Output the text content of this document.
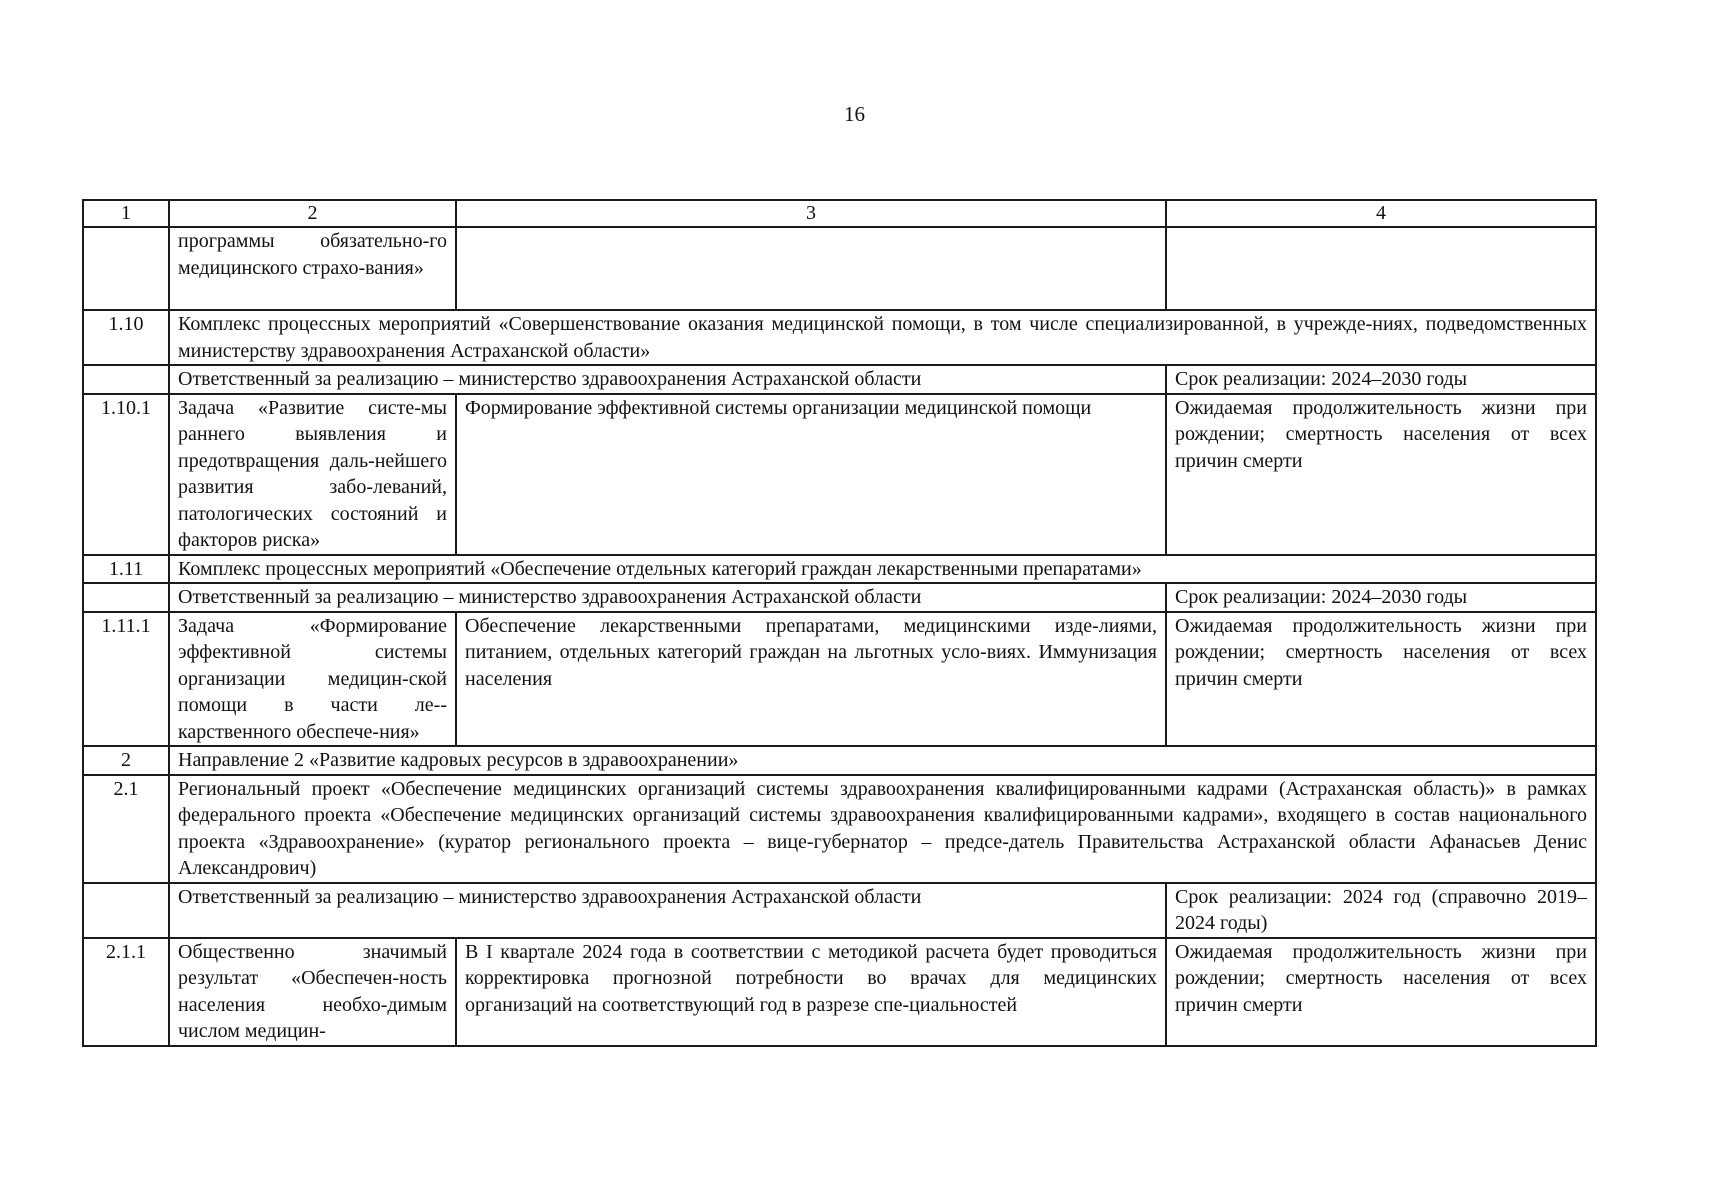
16
1	2	3	4
	программы обязательно-го медицинского страхо-вания»		
1.10	Комплекс процессных мероприятий «Совершенствование оказания медицинской помощи, в том числе специализированной, в учрежде-ниях, подведомственных министерству здравоохранения Астраханской области»		
	Ответственный за реализацию – министерство здравоохранения Астраханской области		Срок реализации: 2024–2030 годы
1.10.1	Задача «Развитие систе-мы раннего выявления и предотвращения даль-нейшего развития забо-леваний, патологических состояний и факторов риска»	Формирование эффективной системы организации медицинской помощи	Ожидаемая продолжительность жизни при рождении; смертность населения от всех причин смерти
1.11	Комплекс процессных мероприятий «Обеспечение отдельных категорий граждан лекарственными препаратами»		
	Ответственный за реализацию – министерство здравоохранения Астраханской области		Срок реализации: 2024–2030 годы
1.11.1	Задача «Формирование эффективной системы организации медицин-ской помощи в части ле-карственного обеспече-ния»	Обеспечение лекарственными препаратами, медицинскими изде-лиями, питанием, отдельных категорий граждан на льготных усло-виях. Иммунизация населения	Ожидаемая продолжительность жизни при рождении; смертность населения от всех причин смерти
2	Направление 2 «Развитие кадровых ресурсов в здравоохранении»		
2.1	Региональный проект «Обеспечение медицинских организаций системы здравоохранения квалифицированными кадрами (Астраханская область)» в рамках федерального проекта «Обеспечение медицинских организаций системы здравоохранения квалифицированными кадрами», входящего в состав национального проекта «Здравоохранение» (куратор регионального проекта – вице-губернатор – предсе-датель Правительства Астраханской области Афанасьев Денис Александрович)		
	Ответственный за реализацию – министерство здравоохранения Астраханской области		Срок реализации: 2024 год (справочно 2019–2024 годы)
2.1.1	Общественно значимый результат «Обеспечен-ность населения необхо-димым числом медицин-	В I квартале 2024 года в соответствии с методикой расчета будет проводиться корректировка прогнозной потребности во врачах для медицинских организаций на соответствующий год в разрезе спе-циальностей	Ожидаемая продолжительность жизни при рождении; смертность населения от всех причин смерти
